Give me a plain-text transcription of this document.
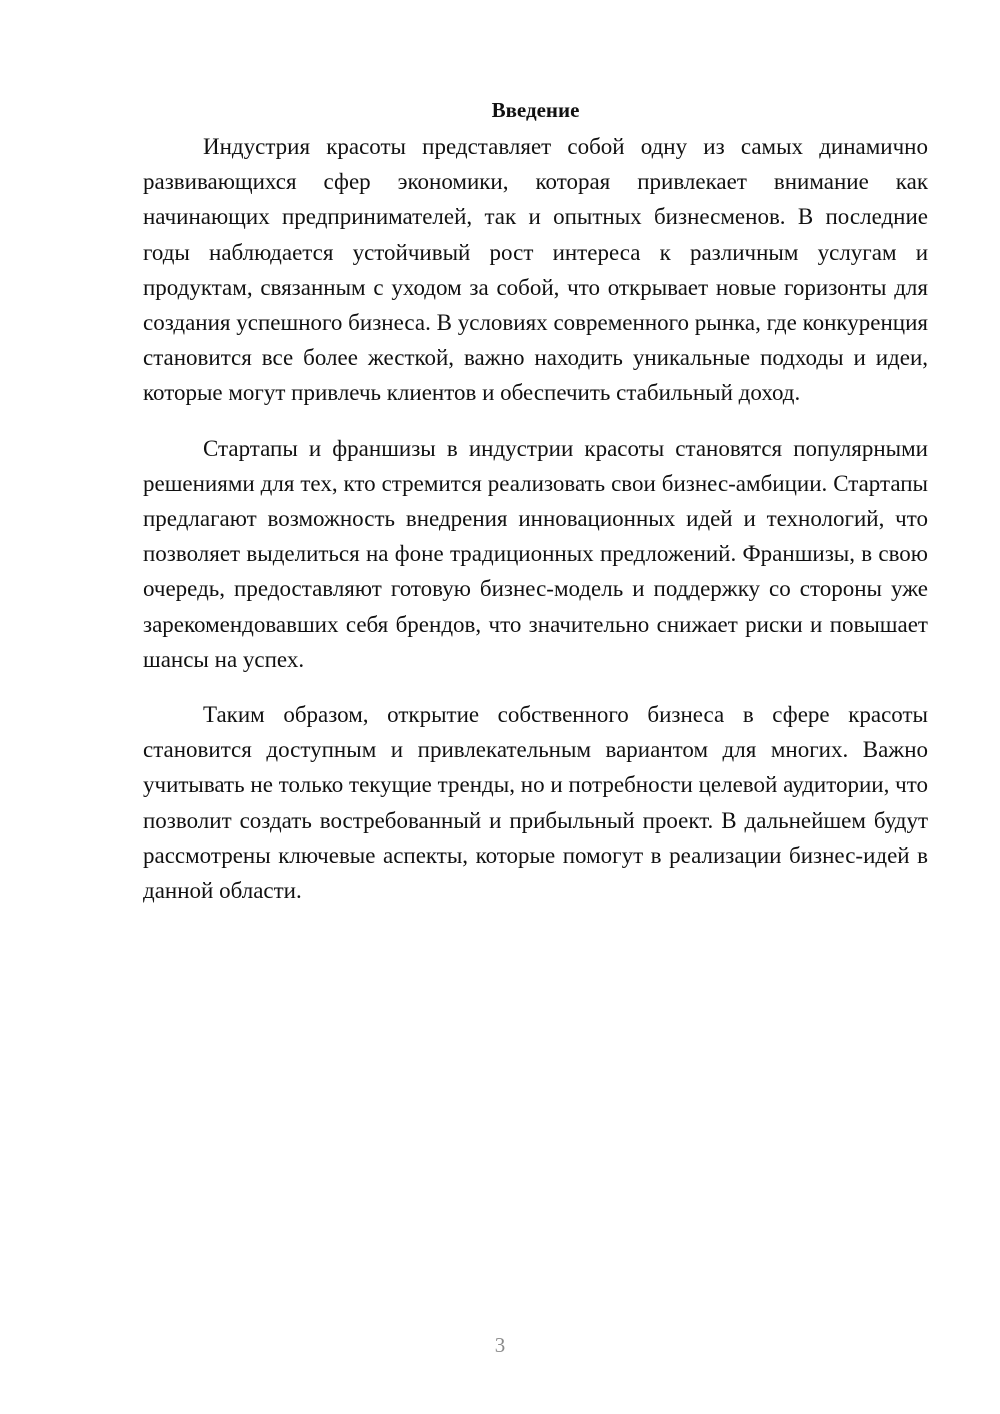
Введение

Индустрия красоты представляет собой одну из самых динамично развивающихся сфер экономики, которая привлекает внимание как начинающих предпринимателей, так и опытных бизнесменов. В последние годы наблюдается устойчивый рост интереса к различным услугам и продуктам, связанным с уходом за собой, что открывает новые горизонты для создания успешного бизнеса. В условиях современного рынка, где конкуренция становится все более жесткой, важно находить уникальные подходы и идеи, которые могут привлечь клиентов и обеспечить стабильный доход.

Стартапы и франшизы в индустрии красоты становятся популярными решениями для тех, кто стремится реализовать свои бизнес-амбиции. Стартапы предлагают возможность внедрения инновационных идей и технологий, что позволяет выделиться на фоне традиционных предложений. Франшизы, в свою очередь, предоставляют готовую бизнес-модель и поддержку со стороны уже зарекомендовавших себя брендов, что значительно снижает риски и повышает шансы на успех.

Таким образом, открытие собственного бизнеса в сфере красоты становится доступным и привлекательным вариантом для многих. Важно учитывать не только текущие тренды, но и потребности целевой аудитории, что позволит создать востребованный и прибыльный проект. В дальнейшем будут рассмотрены ключевые аспекты, которые помогут в реализации бизнес-идей в данной области.

3
